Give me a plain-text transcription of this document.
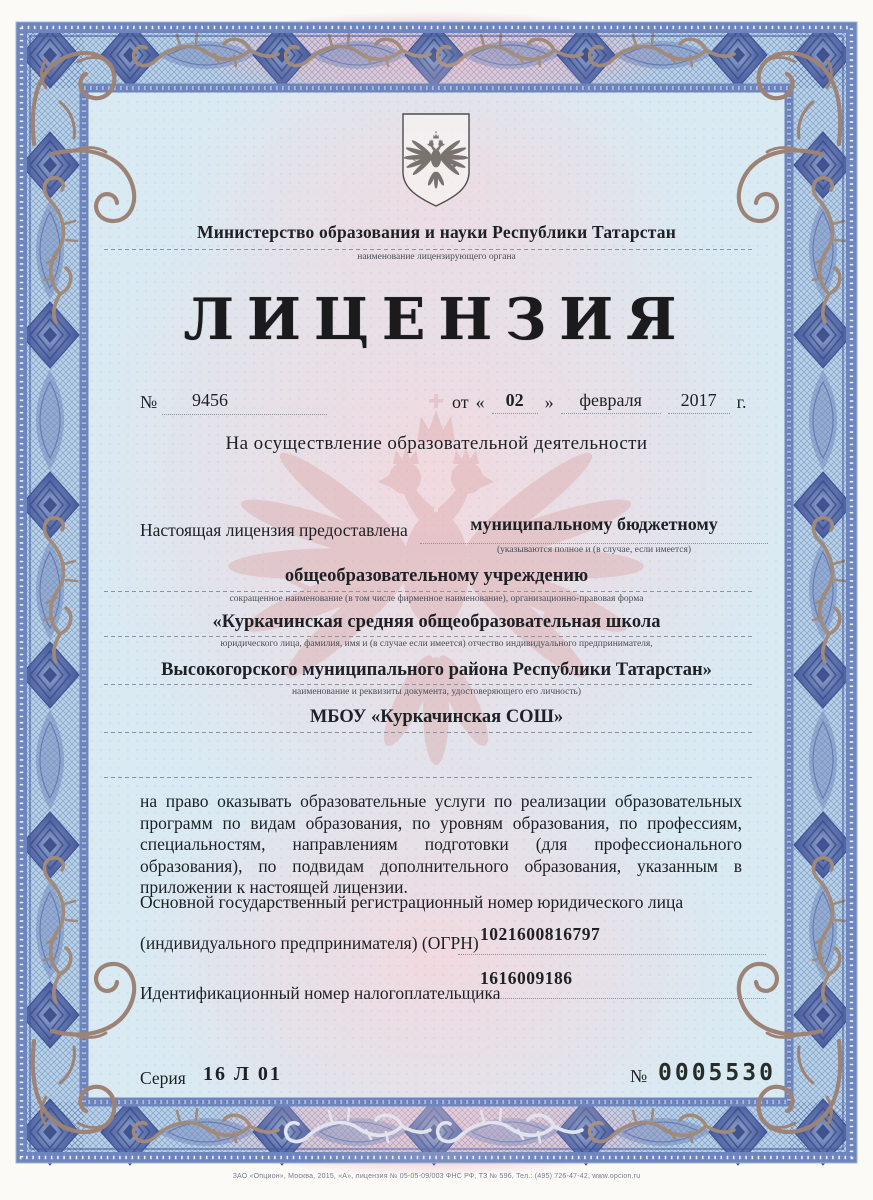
Министерство образования и науки Республики Татарстан
наименование лицензирующего органа
ЛИЦЕНЗИЯ
№	9456	от «	02	»	февраля	2017	г.
На осуществление образовательной деятельности
Настоящая лицензия предоставлена	муниципальному бюджетному
(указываются полное и (в случае, если имеется)
общеобразовательному учреждению
сокращенное наименование (в том числе фирменное наименование), организационно-правовая форма
«Куркачинская средняя общеобразовательная школа
юридического лица, фамилия, имя и (в случае если имеется) отчество индивидуального предпринимателя,
Высокогорского муниципального района Республики Татарстан»
наименование и реквизиты документа, удостоверяющего его личность)
МБОУ «Куркачинская СОШ»
на право оказывать образовательные услуги по реализации образовательных программ по видам образования, по уровням образования, по профессиям, специальностям, направлениям подготовки (для профессионального образования), по подвидам дополнительного образования, указанным в приложении к настоящей лицензии.
Основной государственный регистрационный номер юридического лица
(индивидуального предпринимателя) (ОГРН) 1021600816797
Идентификационный номер налогоплательщика
1616009186
Серия 16 Л 01	№ 0005530
ЗАО «Опцион», Москва, 2015, «А», лицензия № 05-05-09/003 ФНС РФ, ТЗ № 596, Тел.: (495) 726-47-42, www.opcion.ru
